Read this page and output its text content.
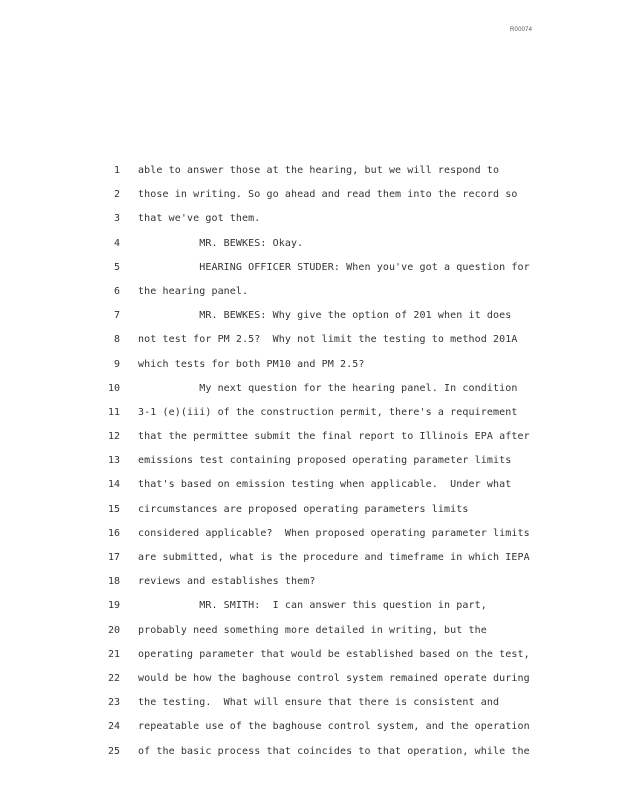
R00074
1 able to answer those at the hearing, but we will respond to
2 those in writing. So go ahead and read them into the record so
3 that we've got them.
4 MR. BEWKES: Okay.
5 HEARING OFFICER STUDER: When you've got a question for
6 the hearing panel.
7 MR. BEWKES: Why give the option of 201 when it does
8 not test for PM 2.5?  Why not limit the testing to method 201A
9 which tests for both PM10 and PM 2.5?
10 My next question for the hearing panel. In condition
11 3-1 (e)(iii) of the construction permit, there's a requirement
12 that the permittee submit the final report to Illinois EPA after
13 emissions test containing proposed operating parameter limits
14 that's based on emission testing when applicable.  Under what
15 circumstances are proposed operating parameters limits
16 considered applicable?  When proposed operating parameter limits
17 are submitted, what is the procedure and timeframe in which IEPA
18 reviews and establishes them?
19 MR. SMITH:  I can answer this question in part,
20 probably need something more detailed in writing, but the
21 operating parameter that would be established based on the test,
22 would be how the baghouse control system remained operate during
23 the testing.  What will ensure that there is consistent and
24 repeatable use of the baghouse control system, and the operation
25 of the basic process that coincides to that operation, while the
